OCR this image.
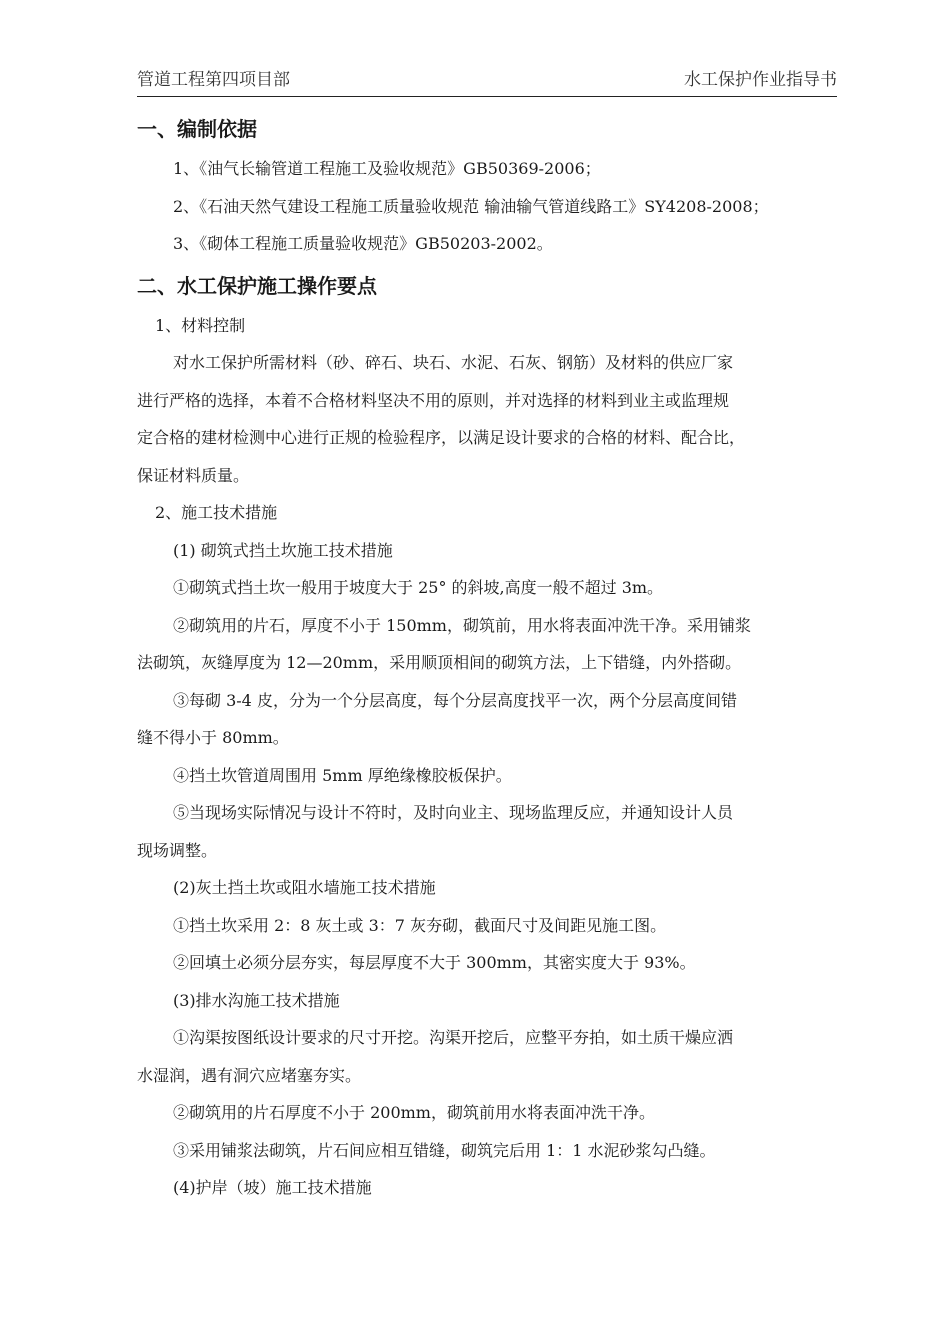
管道工程第四项目部	水工保护作业指导书
一、编制依据

1、《油气长输管道工程施工及验收规范》GB50369-2006；

2、《石油天然气建设工程施工质量验收规范 输油输气管道线路工》SY4208-2008；

3、《砌体工程施工质量验收规范》GB50203-2002。

二、水工保护施工操作要点

1、材料控制

对水工保护所需材料（砂、碎石、块石、水泥、石灰、钢筋）及材料的供应厂家

进行严格的选择，本着不合格材料坚决不用的原则，并对选择的材料到业主或监理规

定合格的建材检测中心进行正规的检验程序，以满足设计要求的合格的材料、配合比，

保证材料质量。

2、施工技术措施

(1) 砌筑式挡土坎施工技术措施

①砌筑式挡土坎一般用于坡度大于 25° 的斜坡,高度一般不超过 3m。

②砌筑用的片石，厚度不小于 150mm，砌筑前，用水将表面冲洗干净。采用铺浆

法砌筑，灰缝厚度为 12—20mm，采用顺顶相间的砌筑方法，上下错缝，内外搭砌。

③每砌 3-4 皮，分为一个分层高度，每个分层高度找平一次，两个分层高度间错

缝不得小于 80mm。

④挡土坎管道周围用 5mm 厚绝缘橡胶板保护。

⑤当现场实际情况与设计不符时，及时向业主、现场监理反应，并通知设计人员

现场调整。

(2)灰土挡土坎或阻水墙施工技术措施

①挡土坎采用 2：8 灰土或 3：7 灰夯砌，截面尺寸及间距见施工图。

②回填土必须分层夯实，每层厚度不大于 300mm，其密实度大于 93%。

(3)排水沟施工技术措施

①沟渠按图纸设计要求的尺寸开挖。沟渠开挖后，应整平夯拍，如土质干燥应洒

水湿润，遇有洞穴应堵塞夯实。

②砌筑用的片石厚度不小于 200mm，砌筑前用水将表面冲洗干净。

③采用铺浆法砌筑，片石间应相互错缝，砌筑完后用 1：1 水泥砂浆勾凸缝。

(4)护岸（坡）施工技术措施
